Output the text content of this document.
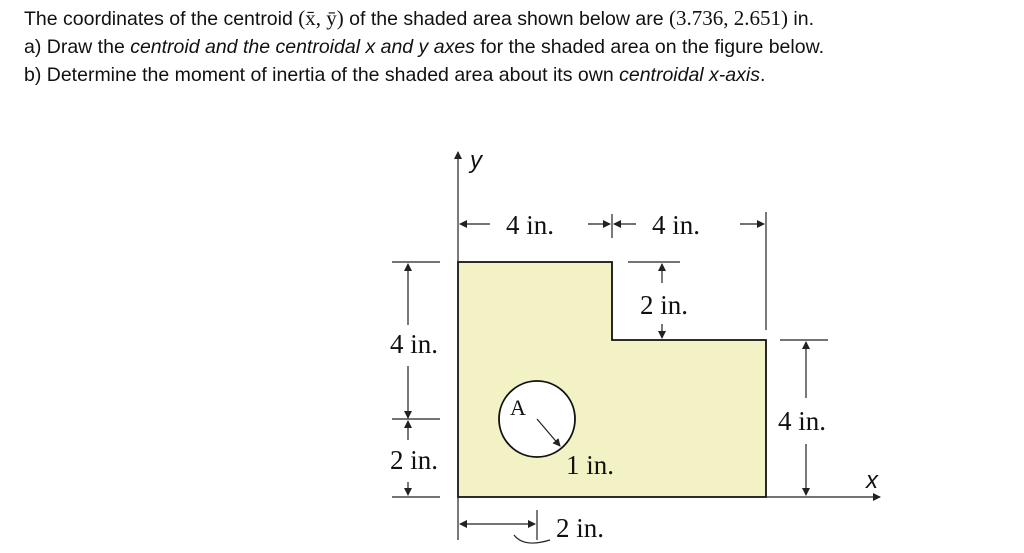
The coordinates of the centroid (x̄, ȳ) of the shaded area shown below are (3.736, 2.651) in.
a) Draw the centroid and the centroidal x and y axes for the shaded area on the figure below.
b) Determine the moment of inertia of the shaded area about its own centroidal x-axis.
A
y
x
4 in.	4 in.
2 in.
4 in.
2 in.
4 in.
1 in.
2 in.
